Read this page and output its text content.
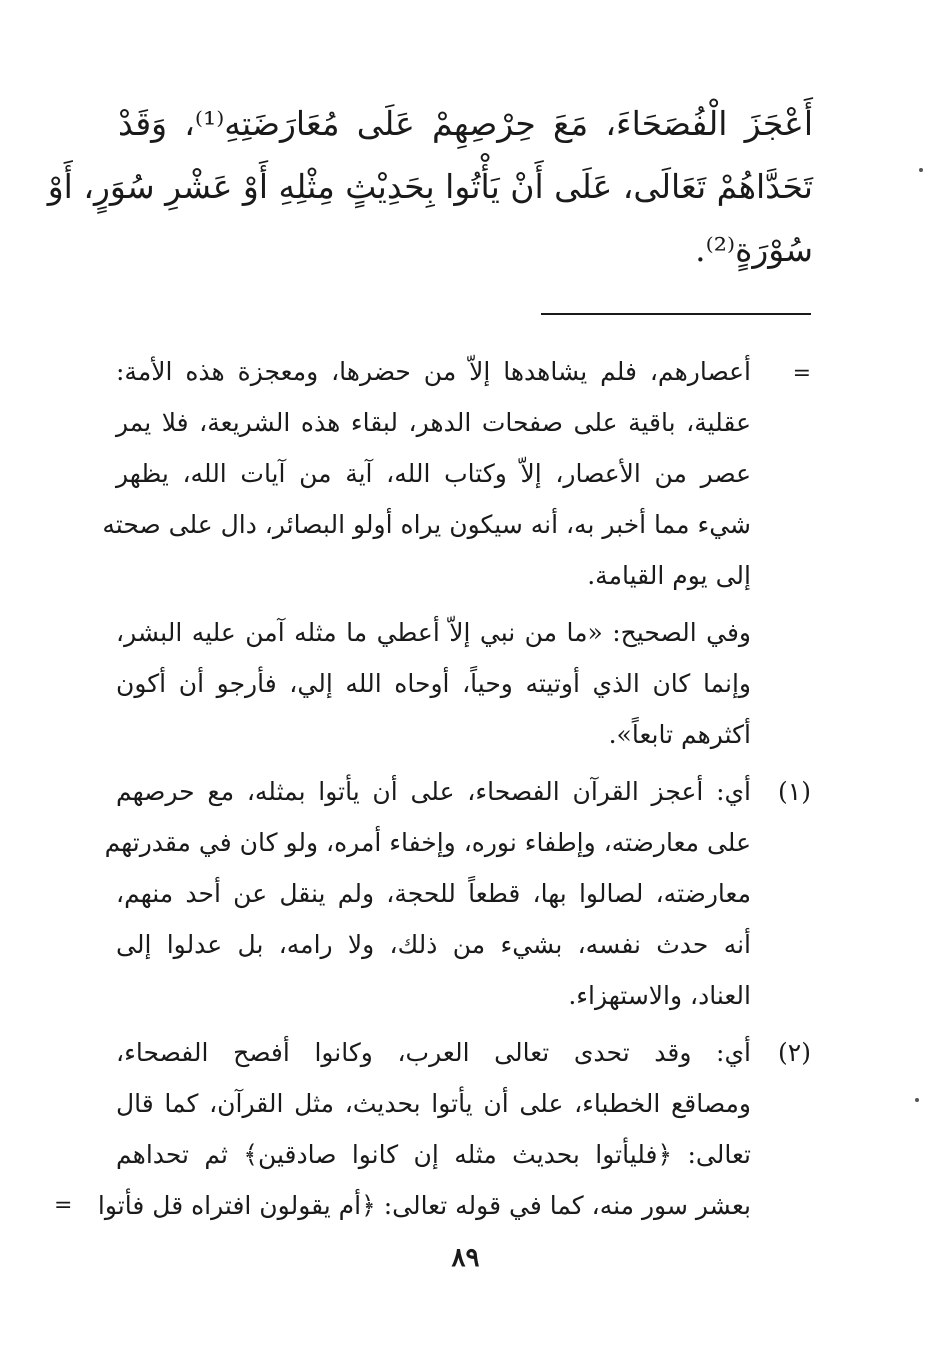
أَعْجَزَ الْفُصَحَاءَ، مَعَ حِرْصِهِمْ عَلَى مُعَارَضَتِهِ⁽¹⁾، وَقَدْ
تَحَدَّاهُمْ تَعَالَى، عَلَى أَنْ يَأْتُوا بِحَدِيْثٍ مِثْلِهِ أَوْ عَشْرِ سُوَرٍ، أَوْ
سُوْرَةٍ⁽²⁾.
=
أعصارهم، فلم يشاهدها إلاّ من حضرها، ومعجزة هذه الأمة:
عقلية، باقية على صفحات الدهر، لبقاء هذه الشريعة، فلا يمر
عصر من الأعصار، إلاّ وكتاب الله، آية من آيات الله، يظهر
شيء مما أخبر به، أنه سيكون يراه أولو البصائر، دال على صحته
إلى يوم القيامة.
وفي الصحيح: «ما من نبي إلاّ أعطي ما مثله آمن عليه البشر،
وإنما كان الذي أوتيته وحياً، أوحاه الله إلي، فأرجو أن أكون
أكثرهم تابعاً».
(١)
أي: أعجز القرآن الفصحاء، على أن يأتوا بمثله، مع حرصهم
على معارضته، وإطفاء نوره، وإخفاء أمره، ولو كان في مقدرتهم
معارضته، لصالوا بها، قطعاً للحجة، ولم ينقل عن أحد منهم،
أنه حدث نفسه، بشيء من ذلك، ولا رامه، بل عدلوا إلى
العناد، والاستهزاء.
(٢)
أي: وقد تحدى تعالى العرب، وكانوا أفصح الفصحاء،
ومصاقع الخطباء، على أن يأتوا بحديث، مثل القرآن، كما قال
تعالى: ﴿فليأتوا بحديث مثله إن كانوا صادقين﴾ ثم تحداهم
بعشر سور منه، كما في قوله تعالى: ﴿أم يقولون افتراه قل فأتوا
=
٨٩
